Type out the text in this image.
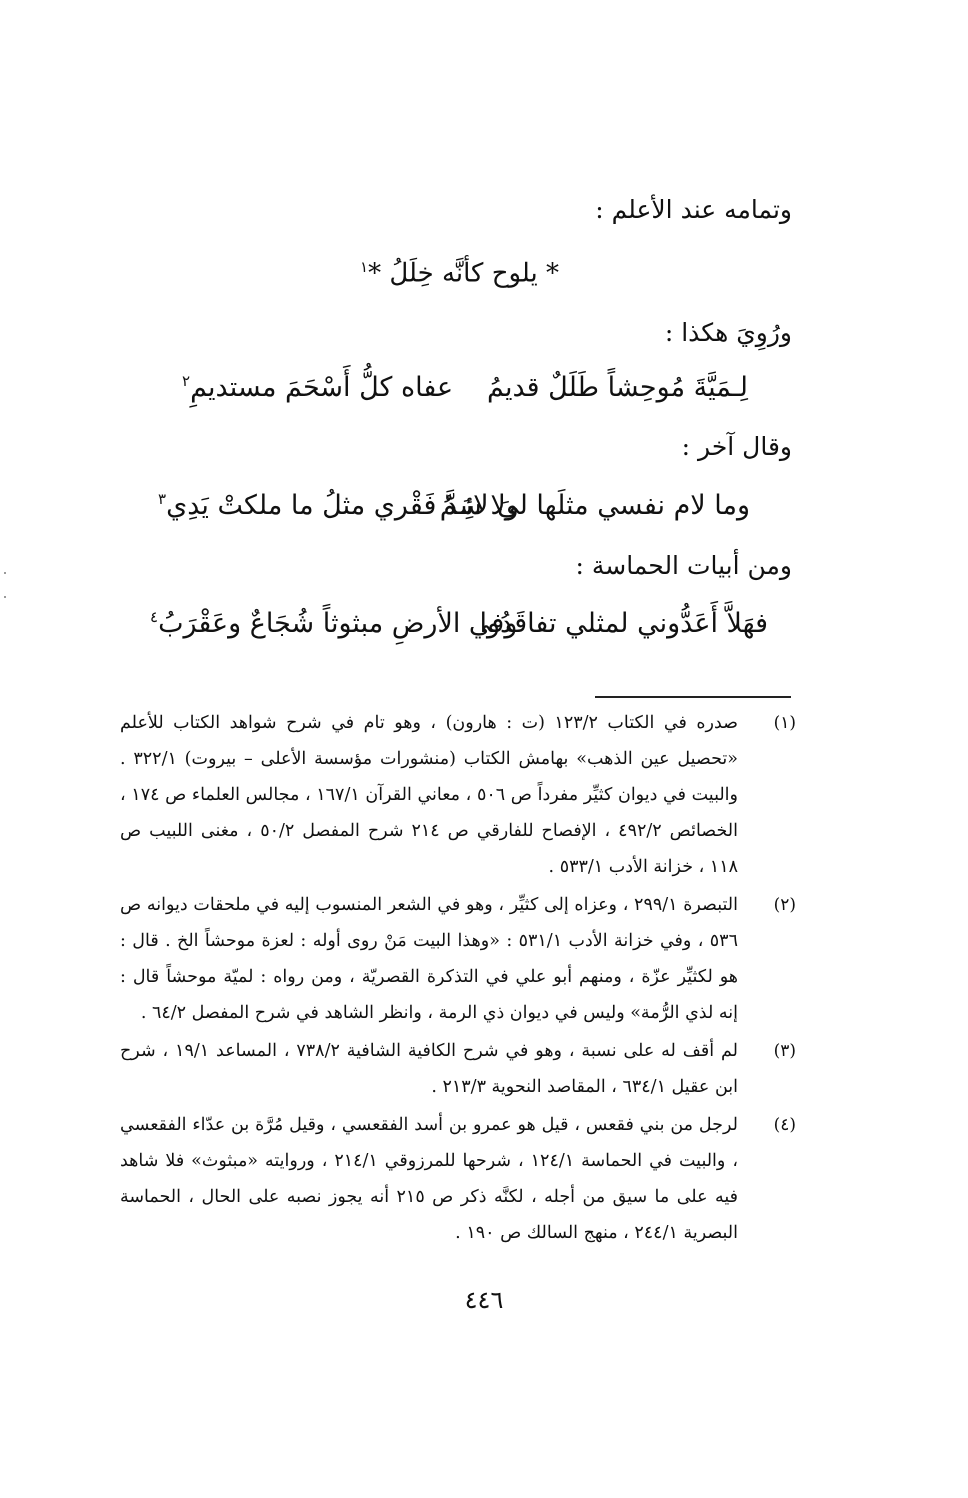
وتمامه عند الأعلم :
* يلوح كأنَّه خِلَلُ *$^١$
ورُوِيَ هكذا :
لِـمَيَّةَ مُوحِشاً طَلَلٌ قديمُ
عفاه كلُّ أَسْحَمَ مستديمِ$^٢$
وقال آخر :
وما لام نفسي مثلَها ليَ لائِـمُ
ولا سَدَّ فَقْري مثلُ ما ملكتْ يَدِي$^٣$
ومن أبيات الحماسة :
فهَلاَّ أَعَدُّوني لمثلي تفاقَدُوا
وفي الأرضِ مبثوثاً شُجَاعٌ وعَقْرَبُ$^٤$
(١)
صدره في الكتاب ١٢٣/٢ (ت : هارون) ، وهو تام في شرح شواهد الكتاب للأعلم «تحصيل عين الذهب» بهامش الكتاب (منشورات مؤسسة الأعلى – بيروت) ٣٢٢/١ . والبيت في ديوان كثيِّر مفرداً ص ٥٠٦ ، معاني القرآن ١٦٧/١ ، مجالس العلماء ص ١٧٤ ، الخصائص ٤٩٢/٢ ، الإفصاح للفارقي ص ٢١٤ شرح المفصل ٥٠/٢ ، مغنى اللبيب ص ١١٨ ، خزانة الأدب ٥٣٣/١ .
(٢)
التبصرة ٢٩٩/١ ، وعزاه إلى كثيِّر ، وهو في الشعر المنسوب إليه في ملحقات ديوانه ص ٥٣٦ ، وفي خزانة الأدب ٥٣١/١ : «وهذا البيت مَنْ روى أوله : لعزة موحشاً الخ . قال : هو لكثيِّر عزّة ، ومنهم أبو علي في التذكرة القصريّة ، ومن رواه : لميّة موحشاً قال : إنه لذي الرُّمة» وليس في ديوان ذي الرمة ، وانظر الشاهد في شرح المفصل ٦٤/٢ .
(٣)
لم أقف له على نسبة ، وهو في شرح الكافية الشافية ٧٣٨/٢ ، المساعد ١٩/١ ، شرح ابن عقيل ٦٣٤/١ ، المقاصد النحوية ٢١٣/٣ .
(٤)
لرجل من بني فقعس ، قيل هو عمرو بن أسد الفقعسي ، وقيل مُرَّة بن عدّاء الفقعسي ، والبيت في الحماسة ١٢٤/١ ، شرحها للمرزوقي ٢١٤/١ ، وروايته «مبثوث» فلا شاهد فيه على ما سيق من أجله ، لكنَّه ذكر ص ٢١٥ أنه يجوز نصبه على الحال ، الحماسة البصرية ٢٤٤/١ ، منهج السالك ص ١٩٠ .
٤٤٦
